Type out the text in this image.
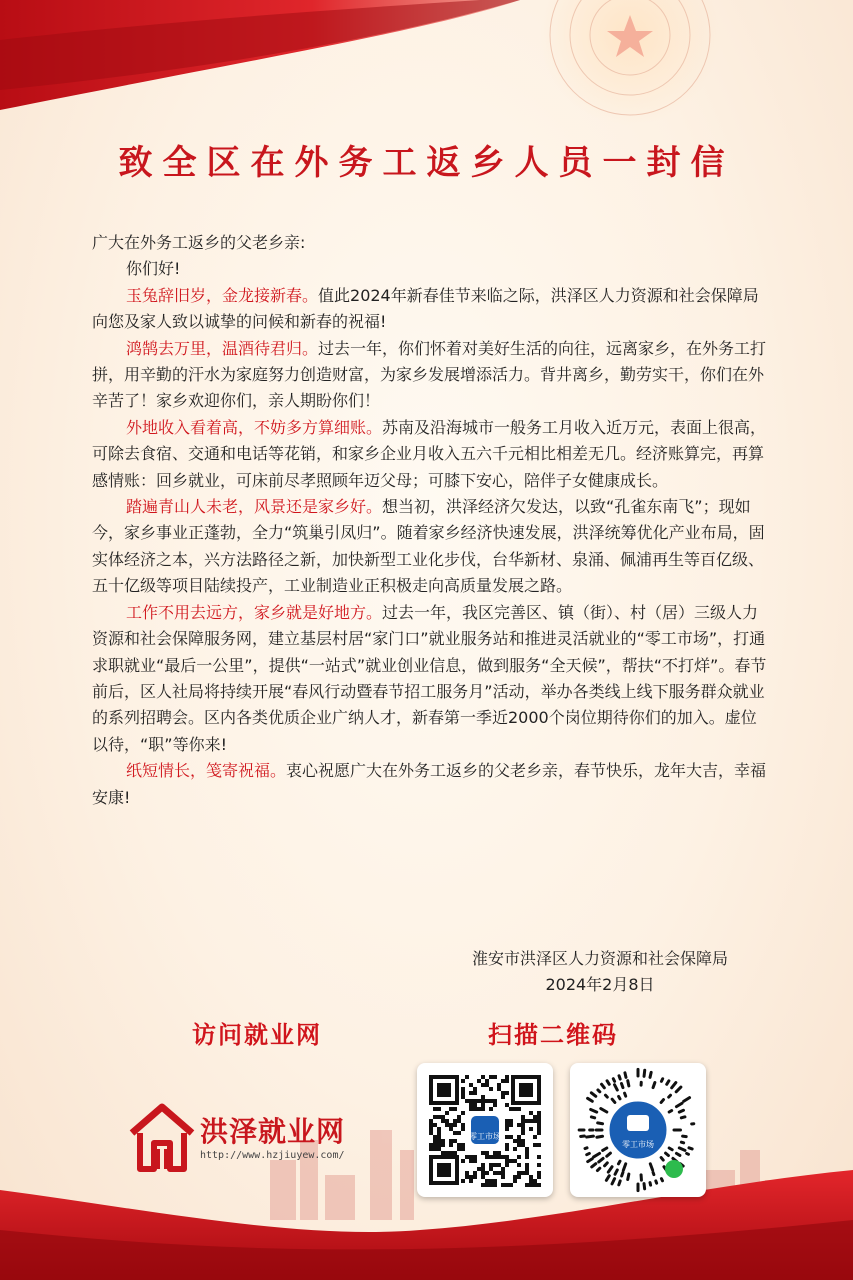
致全区在外务工返乡人员一封信

广大在外务工返乡的父老乡亲:

你们好!

玉兔辞旧岁，金龙接新春。值此2024年新春佳节来临之际，洪泽区人力资源和社会保障局向您及家人致以诚挚的问候和新春的祝福!

鸿鹄去万里，温酒待君归。过去一年，你们怀着对美好生活的向往，远离家乡，在外务工打拼，用辛勤的汗水为家庭努力创造财富，为家乡发展增添活力。背井离乡，勤劳实干，你们在外辛苦了！家乡欢迎你们，亲人期盼你们！

外地收入看着高，不妨多方算细账。苏南及沿海城市一般务工月收入近万元，表面上很高，可除去食宿、交通和电话等花销，和家乡企业月收入五六千元相比相差无几。经济账算完，再算感情账：回乡就业，可床前尽孝照顾年迈父母；可膝下安心，陪伴子女健康成长。

踏遍青山人未老，风景还是家乡好。想当初，洪泽经济欠发达，以致“孔雀东南飞”；现如今，家乡事业正蓬勃，全力“筑巢引凤归”。随着家乡经济快速发展，洪泽统筹优化产业布局，固实体经济之本，兴方法路径之新，加快新型工业化步伐，台华新材、泉涌、佩浦再生等百亿级、五十亿级等项目陆续投产，工业制造业正积极走向高质量发展之路。

工作不用去远方，家乡就是好地方。过去一年，我区完善区、镇（街）、村（居）三级人力资源和社会保障服务网，建立基层村居“家门口”就业服务站和推进灵活就业的“零工市场”，打通求职就业“最后一公里”，提供“一站式”就业创业信息，做到服务“全天候”，帮扶“不打烊”。春节前后，区人社局将持续开展“春风行动暨春节招工服务月”活动，举办各类线上线下服务群众就业的系列招聘会。区内各类优质企业广纳人才，新春第一季近2000个岗位期待你们的加入。虚位以待，“职”等你来!

纸短情长，笺寄祝福。衷心祝愿广大在外务工返乡的父老乡亲，春节快乐，龙年大吉，幸福安康!

淮安市洪泽区人力资源和社会保障局
2024年2月8日
访问就业网	扫描二维码
洪泽就业网
http://www.hzjiuyew.com/
零工市场
零工市场
